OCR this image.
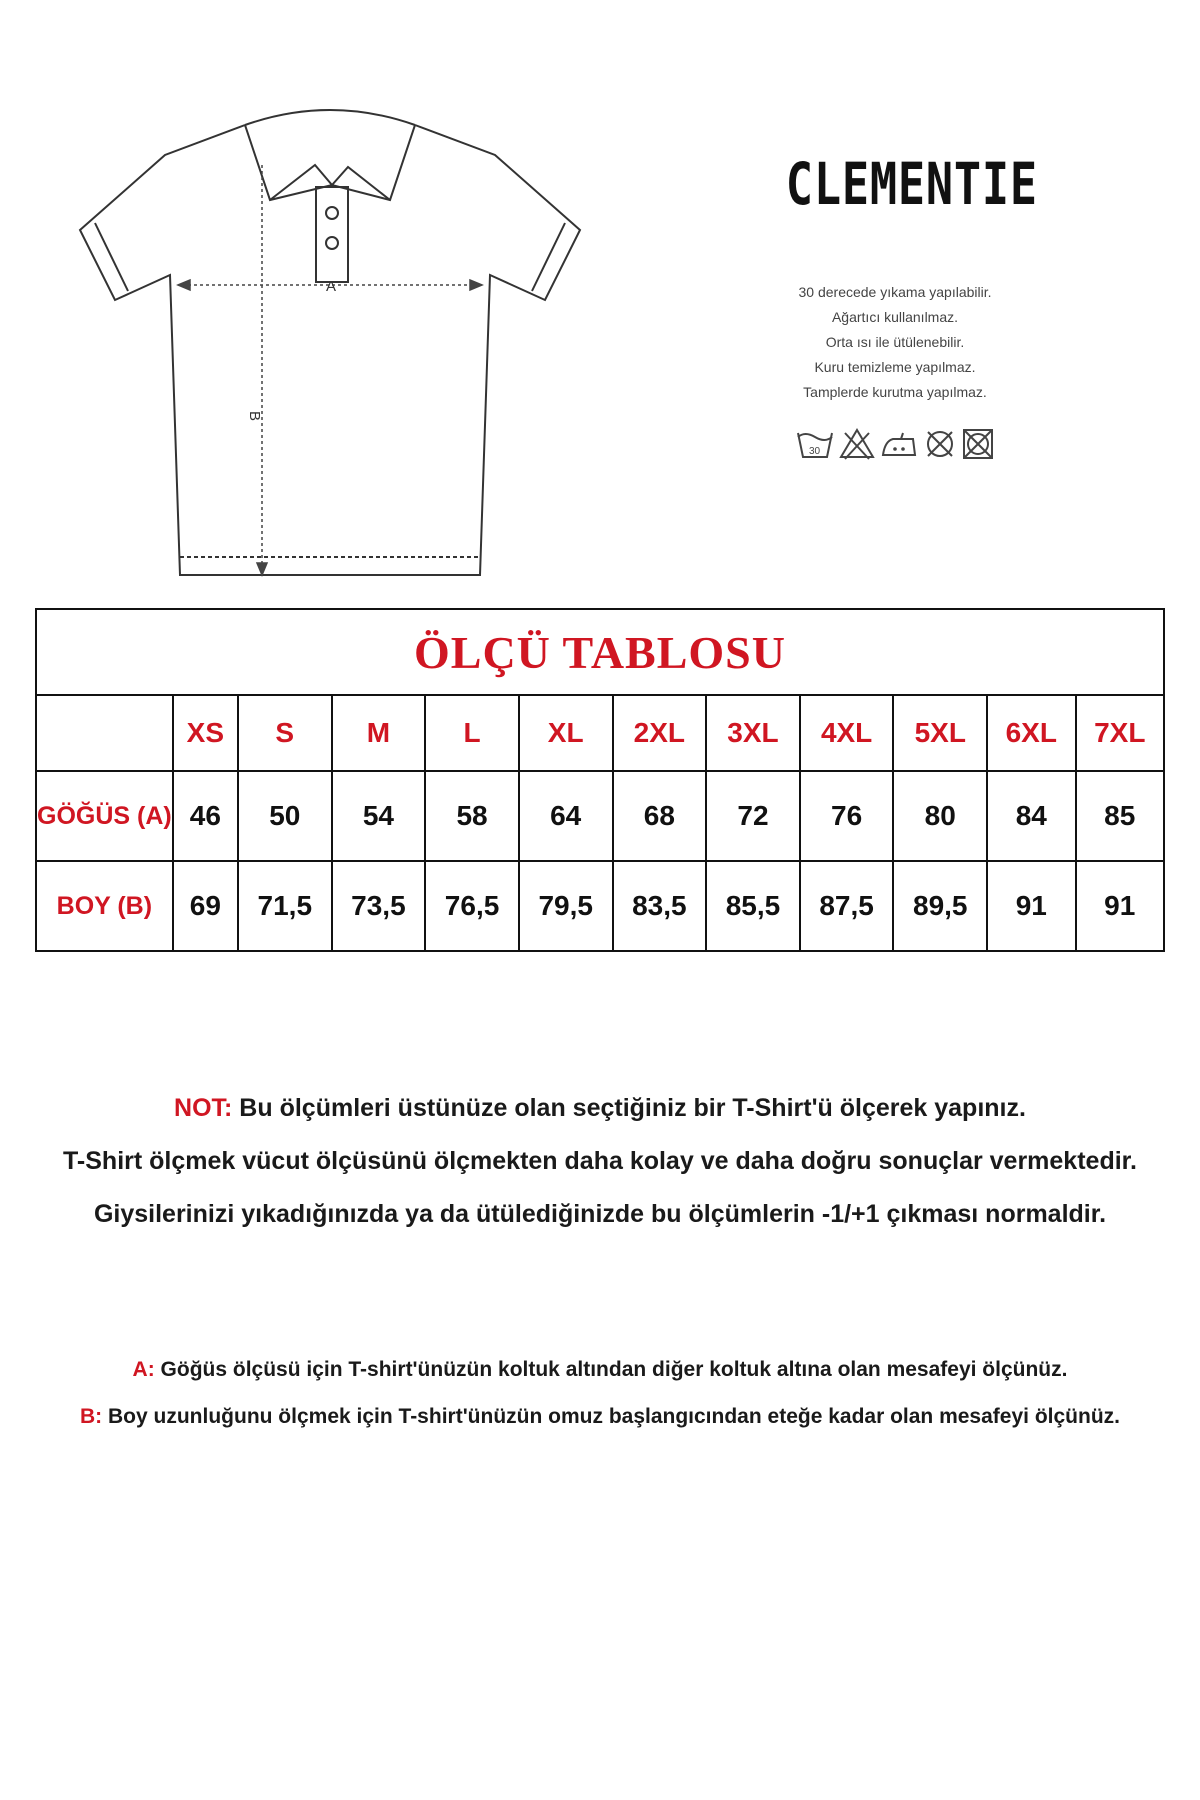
A
B
CLEMENTIE
30 derecede yıkama yapılabilir.
Ağartıcı kullanılmaz.
Orta ısı ile ütülenebilir.
Kuru temizleme yapılmaz.
Tamplerde kurutma yapılmaz.
30
ÖLÇÜ TABLOSU											
	XS	S	M	L	XL	2XL	3XL	4XL	5XL	6XL	7XL
GÖĞÜS (A)	46	50	54	58	64	68	72	76	80	84	85
BOY (B)	69	71,5	73,5	76,5	79,5	83,5	85,5	87,5	89,5	91	91
NOT: Bu ölçümleri üstünüze olan seçtiğiniz bir T-Shirt'ü ölçerek yapınız.
T-Shirt ölçmek vücut ölçüsünü ölçmekten daha kolay ve daha doğru sonuçlar vermektedir.
Giysilerinizi yıkadığınızda ya da ütülediğinizde bu ölçümlerin -1/+1 çıkması normaldir.
A: Göğüs ölçüsü için T-shirt'ünüzün koltuk altından diğer koltuk altına olan mesafeyi ölçünüz.
B: Boy uzunluğunu ölçmek için T-shirt'ünüzün omuz başlangıcından eteğe kadar olan mesafeyi ölçünüz.
